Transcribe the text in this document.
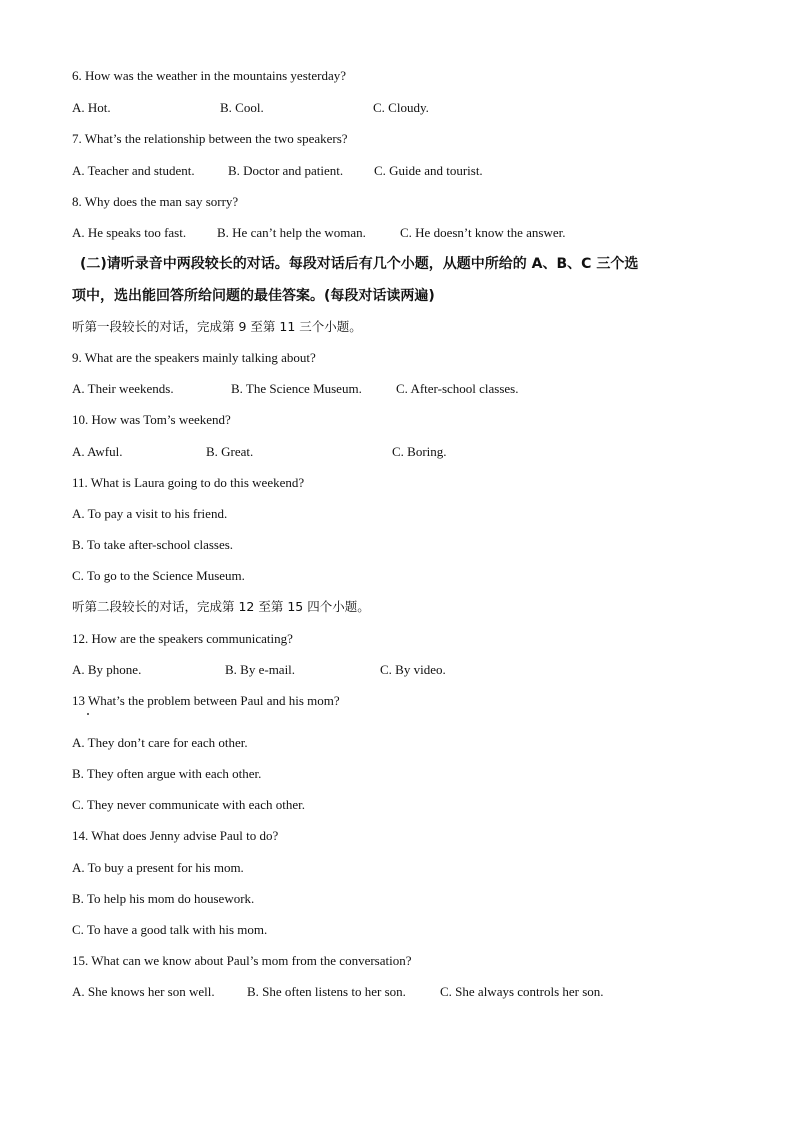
6. How was the weather in the mountains yesterday?
A. Hot.	B. Cool.	C. Cloudy.
7. What’s the relationship between the two speakers?
A. Teacher and student.	B. Doctor and patient. C. Guide and tourist.
8. Why does the man say sorry?
A. He speaks too fast. B. He can’t help the woman.	C. He doesn’t know the answer.
(二)请听录音中两段较长的对话。每段对话后有几个小题，从题中所给的 A、B、C 三个选
项中，选出能回答所给问题的最佳答案。(每段对话读两遍)
听第一段较长的对话，完成第 9 至第 11 三个小题。
9. What are the speakers mainly talking about?
A. Their weekends.	B. The Science Museum.	C. After-school classes.
10. How was Tom’s weekend?
A. Awful.	B. Great.	C. Boring.
11. What is Laura going to do this weekend?
A. To pay a visit to his friend.
B. To take after-school classes.
C. To go to the Science Museum.
听第二段较长的对话，完成第 12 至第 15 四个小题。
12. How are the speakers communicating?
A. By phone.	B. By e-mail.	C. By video.
13 What’s the problem between Paul and his mom?
A. They don’t care for each other.
B. They often argue with each other.
C. They never communicate with each other.
14. What does Jenny advise Paul to do?
A. To buy a present for his mom.
B. To help his mom do housework.
C. To have a good talk with his mom.
15. What can we know about Paul’s mom from the conversation?
A. She knows her son well. B. She often listens to her son.	C. She always controls her son.
